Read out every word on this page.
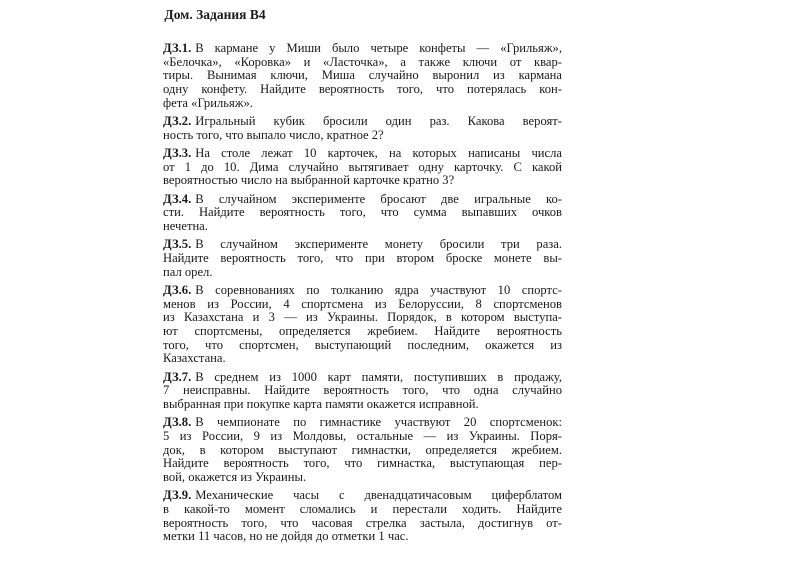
Дом. Задания В4
ДЗ.1. В кармане у Миши было четыре конфеты — «Грильяж»,
«Белочка», «Коровка» и «Ласточка», а также ключи от квар-
тиры. Вынимая ключи, Миша случайно выронил из кармана
одну конфету. Найдите вероятность того, что потерялась кон-
фета «Грильяж».
ДЗ.2. Игральный кубик бросили один раз. Какова вероят-
ность того, что выпало число, кратное 2?
ДЗ.3. На столе лежат 10 карточек, на которых написаны числа
от 1 до 10. Дима случайно вытягивает одну карточку. С какой
вероятностью число на выбранной карточке кратно 3?
ДЗ.4. В случайном эксперименте бросают две игральные ко-
сти. Найдите вероятность того, что сумма выпавших очков
нечетна.
ДЗ.5. В случайном эксперименте монету бросили три раза.
Найдите вероятность того, что при втором броске монете вы-
пал орел.
ДЗ.6. В соревнованиях по толканию ядра участвуют 10 спортс-
менов из России, 4 спортсмена из Белоруссии, 8 спортсменов
из Казахстана и 3 — из Украины. Порядок, в котором выступа-
ют спортсмены, определяется жребием. Найдите вероятность
того, что спортсмен, выступающий последним, окажется из
Казахстана.
ДЗ.7. В среднем из 1000 карт памяти, поступивших в продажу,
7 неисправны. Найдите вероятность того, что одна случайно
выбранная при покупке карта памяти окажется исправной.
ДЗ.8. В чемпионате по гимнастике участвуют 20 спортсменок:
5 из России, 9 из Молдовы, остальные — из Украины. Поря-
док, в котором выступают гимнастки, определяется жребием.
Найдите вероятность того, что гимнастка, выступающая пер-
вой, окажется из Украины.
ДЗ.9. Механические часы с двенадцатичасовым циферблатом
в какой-то момент сломались и перестали ходить. Найдите
вероятность того, что часовая стрелка застыла, достигнув от-
метки 11 часов, но не дойдя до отметки 1 час.
